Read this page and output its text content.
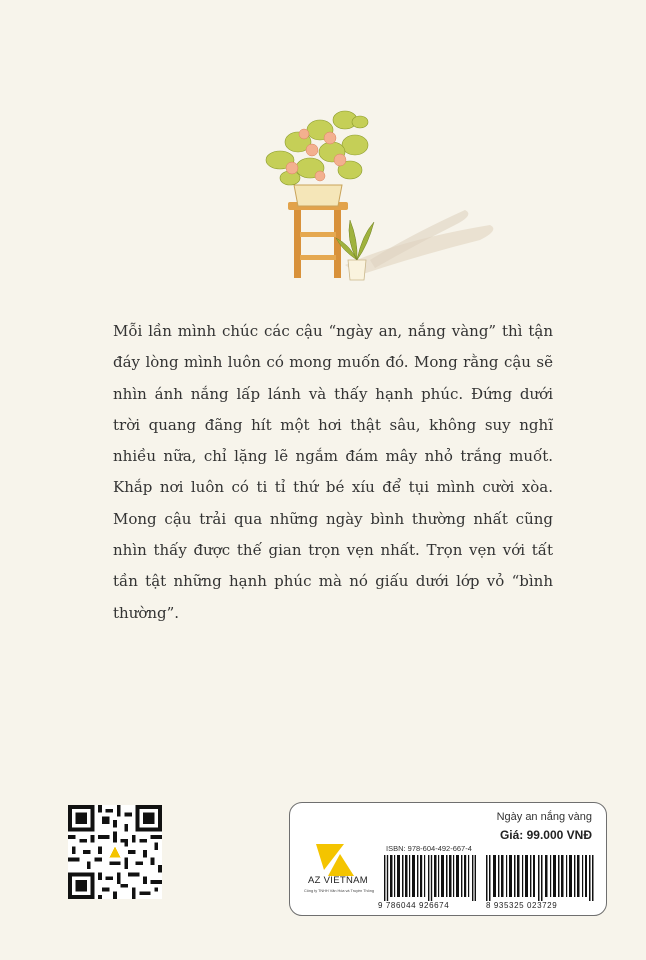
Mỗi lần mình chúc các cậu “ngày an, nắng vàng” thì tận đáy lòng mình luôn có mong muốn đó. Mong rằng cậu sẽ nhìn ánh nắng lấp lánh và thấy hạnh phúc. Đứng dưới trời quang đãng hít một hơi thật sâu, không suy nghĩ nhiều nữa, chỉ lặng lẽ ngắm đám mây nhỏ trắng muốt. Khắp nơi luôn có ti tỉ thứ bé xíu để tụi mình cười xòa. Mong cậu trải qua những ngày bình thường nhất cũng nhìn thấy được thế gian trọn vẹn nhất. Trọn vẹn với tất tần tật những hạnh phúc mà nó giấu dưới lớp vỏ “bình thường”.

Ngày an nắng vàng
Giá: 99.000 VNĐ
AZ VIETNAM
Công ty TNHH Văn Hóa và Truyền Thông
ISBN: 978-604-492-667-4
9 786044 926674	8 935325 023729
